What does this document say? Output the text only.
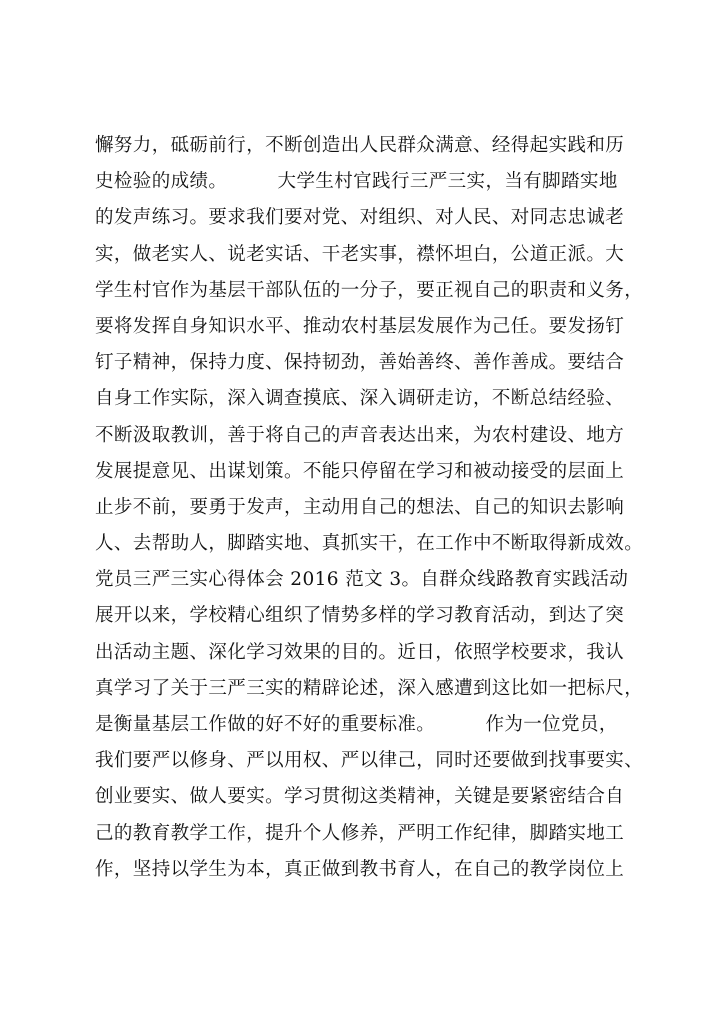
懈努力，砥砺前行，不断创造出人民群众满意、经得起实践和历
史检验的成绩。        大学生村官践行三严三实，当有脚踏实地
的发声练习。要求我们要对党、对组织、对人民、对同志忠诚老
实，做老实人、说老实话、干老实事，襟怀坦白，公道正派。大
学生村官作为基层干部队伍的一分子，要正视自己的职责和义务，
要将发挥自身知识水平、推动农村基层发展作为己任。要发扬钉
钉子精神，保持力度、保持韧劲，善始善终、善作善成。要结合
自身工作实际，深入调查摸底、深入调研走访，不断总结经验、
不断汲取教训，善于将自己的声音表达出来，为农村建设、地方
发展提意见、出谋划策。不能只停留在学习和被动接受的层面上
止步不前，要勇于发声，主动用自己的想法、自己的知识去影响
人、去帮助人，脚踏实地、真抓实干，在工作中不断取得新成效。
党员三严三实心得体会 2016 范文 3。自群众线路教育实践活动
展开以来，学校精心组织了情势多样的学习教育活动，到达了突
出活动主题、深化学习效果的目的。近日，依照学校要求，我认
真学习了关于三严三实的精辟论述，深入感遭到这比如一把标尺，
是衡量基层工作做的好不好的重要标准。        作为一位党员，
我们要严以修身、严以用权、严以律己，同时还要做到找事要实、
创业要实、做人要实。学习贯彻这类精神，关键是要紧密结合自
己的教育教学工作，提升个人修养，严明工作纪律，脚踏实地工
作，坚持以学生为本，真正做到教书育人，在自己的教学岗位上
